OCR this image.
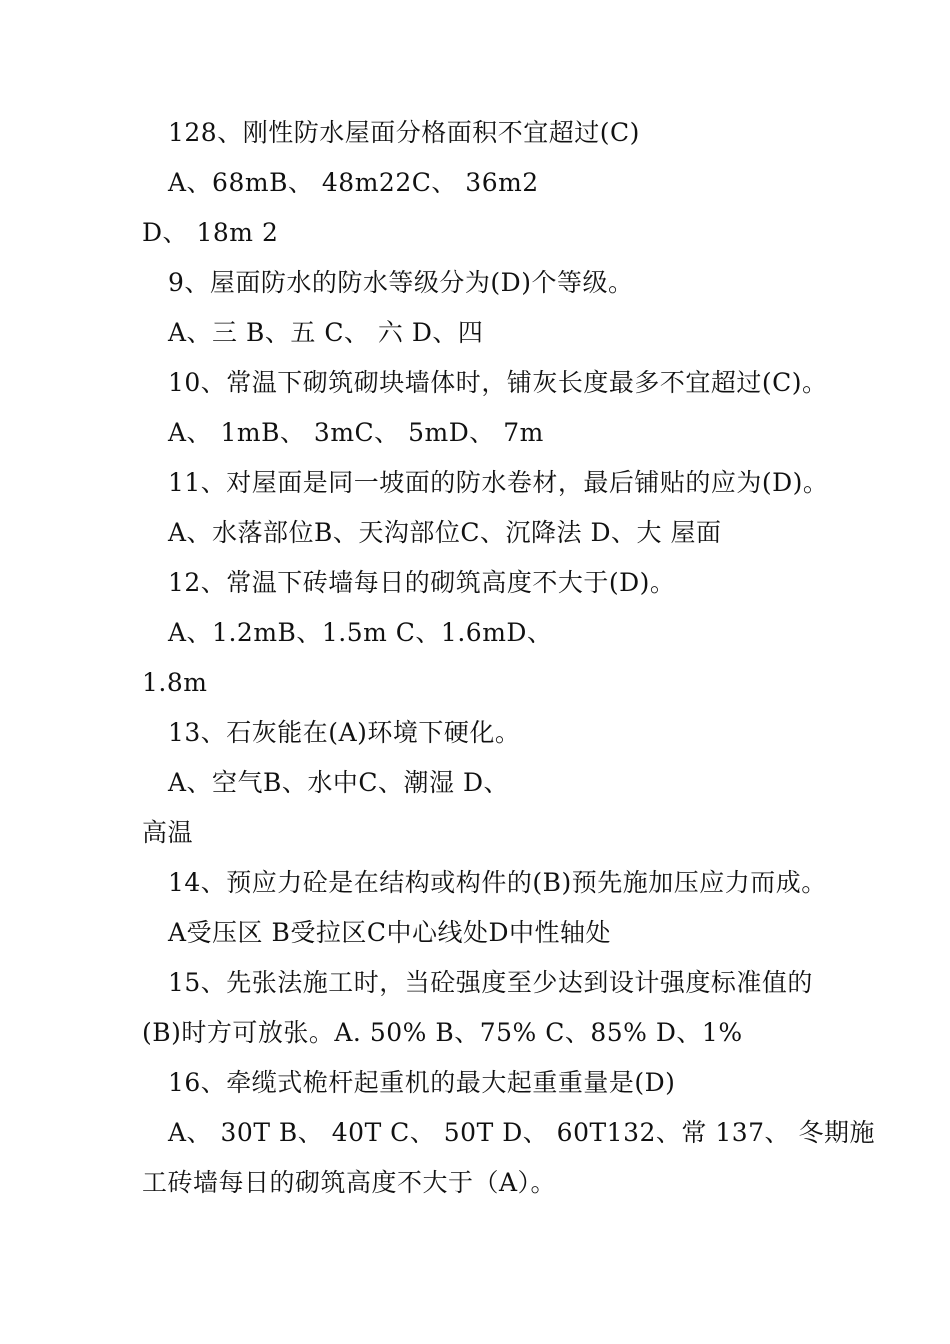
128、刚性防水屋面分格面积不宜超过(C)
A、68mB、 48m22C、 36m2
D、 18m 2
9、屋面防水的防水等级分为(D)个等级。
A、三 B、五 C、 六 D、四
10、常温下砌筑砌块墙体时，铺灰长度最多不宜超过(C)。
A、 1mB、 3mC、 5mD、 7m
11、对屋面是同一坡面的防水卷材，最后铺贴的应为(D)。
A、水落部位B、天沟部位C、沉降法 D、大 屋面
12、常温下砖墙每日的砌筑高度不大于(D)。
A、1.2mB、1.5m C、1.6mD、
1.8m
13、石灰能在(A)环境下硬化。
A、空气B、水中C、潮湿 D、
高温
14、预应力砼是在结构或构件的(B)预先施加压应力而成。
A受压区 B受拉区C中心线处D中性轴处
15、先张法施工时，当砼强度至少达到设计强度标准值的
(B)时方可放张。A. 50% B、75% C、85% D、1%
16、牵缆式桅杆起重机的最大起重重量是(D)
A、 30T B、 40T C、 50T D、 60T132、常 137、 冬期施
工砖墙每日的砌筑高度不大于（A）。
